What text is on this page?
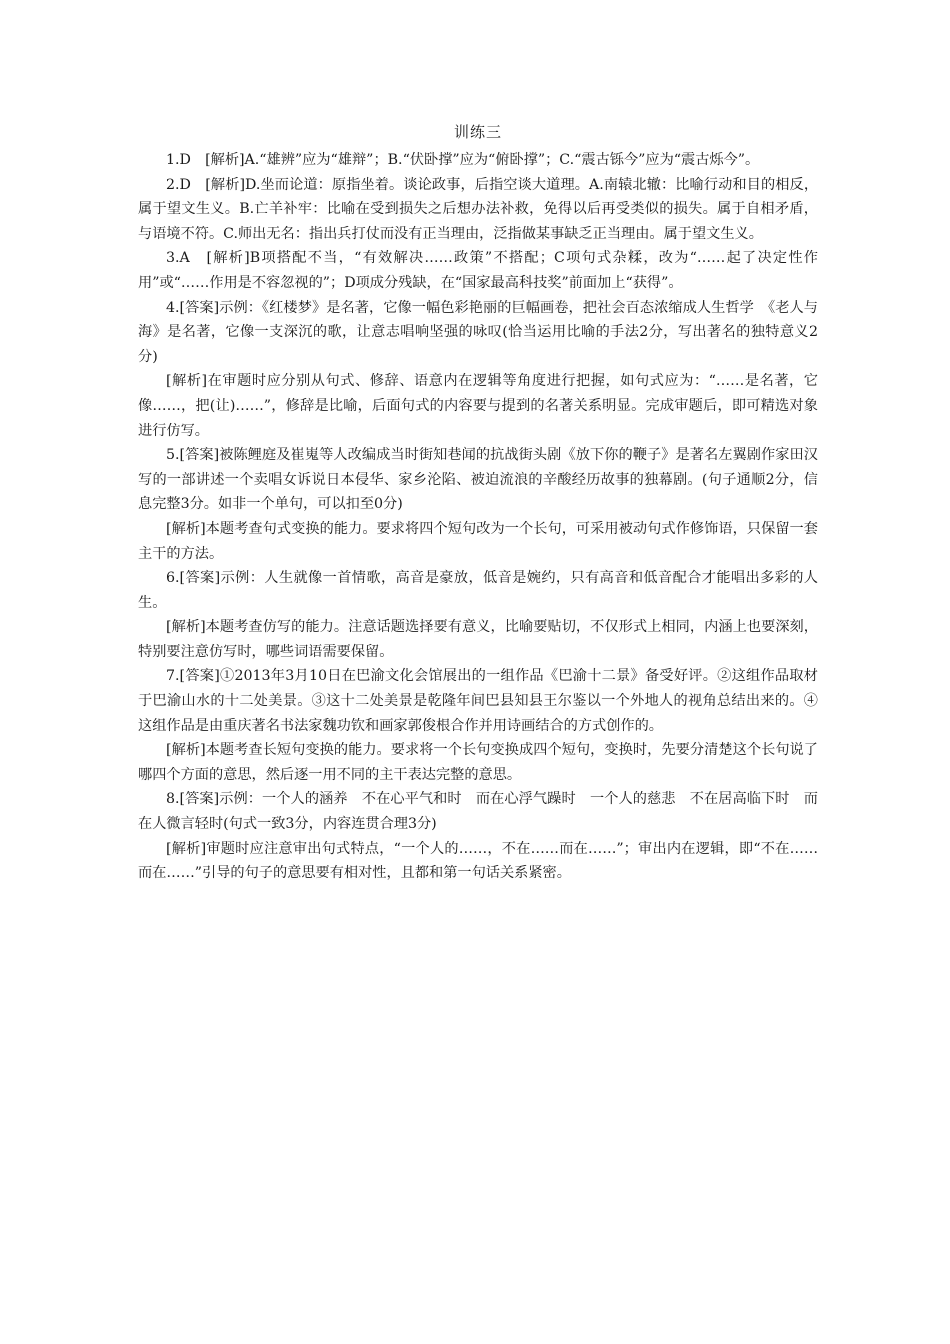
训练三

1.D　[解析]A.“雄辨”应为“雄辩”；B.“伏卧撑”应为“俯卧撑”；C.“震古铄今”应为“震古烁今”。

2.D　[解析]D.坐而论道：原指坐着。谈论政事，后指空谈大道理。A.南辕北辙：比喻行动和目的相反，属于望文生义。B.亡羊补牢：比喻在受到损失之后想办法补救，免得以后再受类似的损失。属于自相矛盾，与语境不符。C.师出无名：指出兵打仗而没有正当理由，泛指做某事缺乏正当理由。属于望文生义。

3.A　[解析]B项搭配不当，“有效解决……政策”不搭配；C项句式杂糅，改为“……起了决定性作用”或“……作用是不容忽视的”；D项成分残缺，在“国家最高科技奖”前面加上“获得”。

4.[答案]示例：《红楼梦》是名著，它像一幅色彩艳丽的巨幅画卷，把社会百态浓缩成人生哲学　《老人与海》是名著，它像一支深沉的歌，让意志唱响坚强的咏叹(恰当运用比喻的手法2分，写出著名的独特意义2分)

[解析]在审题时应分别从句式、修辞、语意内在逻辑等角度进行把握，如句式应为：“……是名著，它像……，把(让)……”，修辞是比喻，后面句式的内容要与提到的名著关系明显。完成审题后，即可精选对象进行仿写。

5.[答案]被陈鲤庭及崔嵬等人改编成当时街知巷闻的抗战街头剧《放下你的鞭子》是著名左翼剧作家田汉写的一部讲述一个卖唱女诉说日本侵华、家乡沦陷、被迫流浪的辛酸经历故事的独幕剧。(句子通顺2分，信息完整3分。如非一个单句，可以扣至0分)

[解析]本题考查句式变换的能力。要求将四个短句改为一个长句，可采用被动句式作修饰语，只保留一套主干的方法。

6.[答案]示例：人生就像一首情歌，高音是豪放，低音是婉约，只有高音和低音配合才能唱出多彩的人生。

[解析]本题考查仿写的能力。注意话题选择要有意义，比喻要贴切，不仅形式上相同，内涵上也要深刻，特别要注意仿写时，哪些词语需要保留。

7.[答案]①2013年3月10日在巴渝文化会馆展出的一组作品《巴渝十二景》备受好评。②这组作品取材于巴渝山水的十二处美景。③这十二处美景是乾隆年间巴县知县王尔鉴以一个外地人的视角总结出来的。④这组作品是由重庆著名书法家魏功钦和画家郭俊根合作并用诗画结合的方式创作的。

[解析]本题考查长短句变换的能力。要求将一个长句变换成四个短句，变换时，先要分清楚这个长句说了哪四个方面的意思，然后逐一用不同的主干表达完整的意思。

8.[答案]示例：一个人的涵养　不在心平气和时　而在心浮气躁时　一个人的慈悲　不在居高临下时　而在人微言轻时(句式一致3分，内容连贯合理3分)

[解析]审题时应注意审出句式特点，“一个人的……，不在……而在……”；审出内在逻辑，即“不在……而在……”引导的句子的意思要有相对性，且都和第一句话关系紧密。
